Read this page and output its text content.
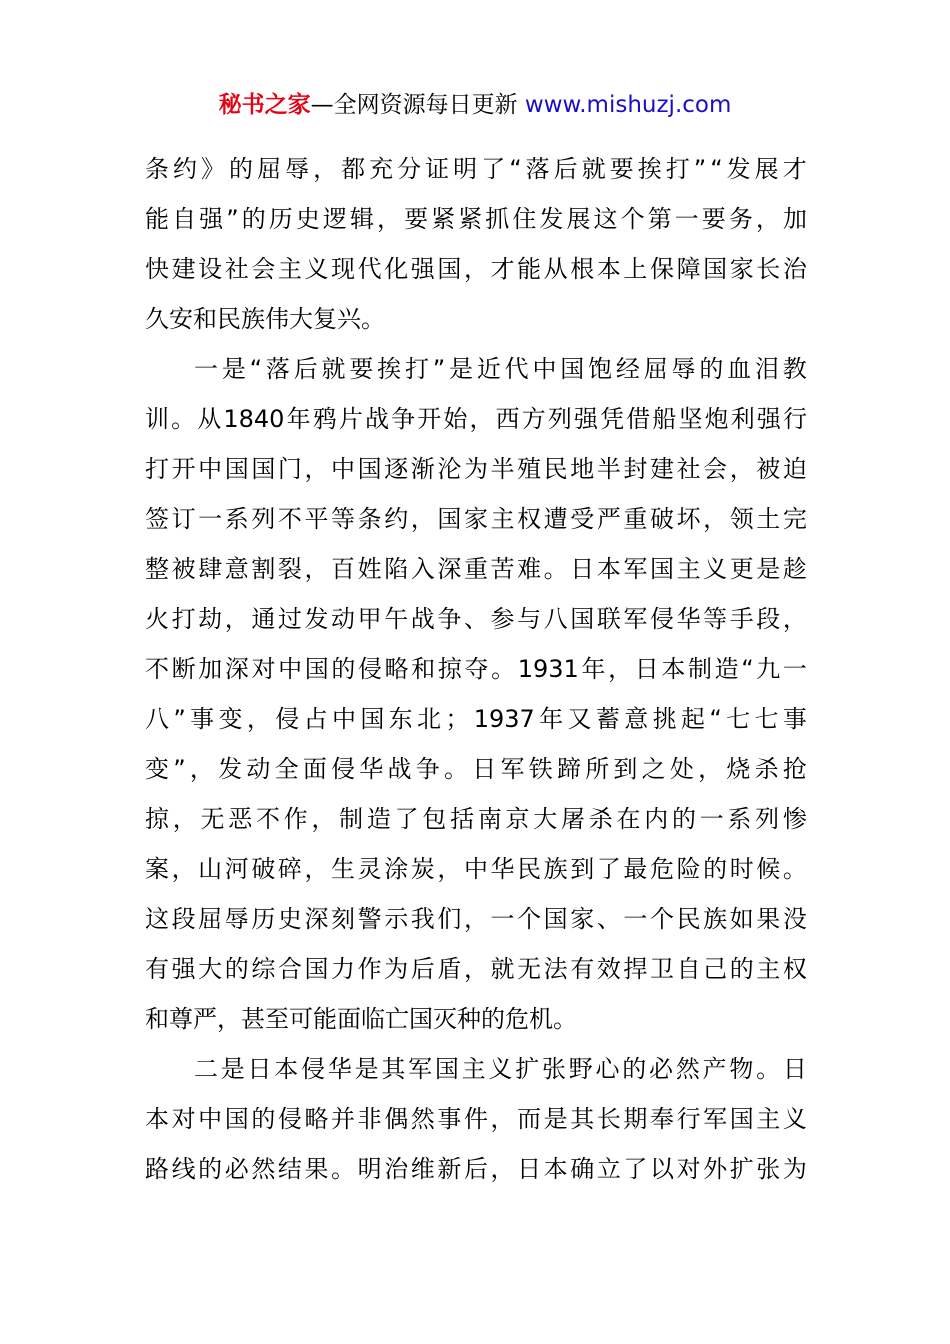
秘书之家—全网资源每日更新 www.mishuzj.com
条 约 》 的 屈 辱 ， 都 充 分 证 明 了 “ 落 后 就 要 挨 打 ” “ 发 展 才
能 自 强 ” 的 历 史 逻 辑 ， 要 紧 紧 抓 住 发 展 这 个 第 一 要 务 ， 加
快 建 设 社 会 主 义 现 代 化 强 国 ， 才 能 从 根 本 上 保 障 国 家 长 治
久安和民族伟大复兴。
一 是 “ 落 后 就 要 挨 打 ” 是 近 代 中 国 饱 经 屈 辱 的 血 泪 教
训 。 从 1840 年 鸦 片 战 争 开 始 ， 西 方 列 强 凭 借 船 坚 炮 利 强 行
打 开 中 国 国 门 ， 中 国 逐 渐 沦 为 半 殖 民 地 半 封 建 社 会 ， 被 迫
签 订 一 系 列 不 平 等 条 约 ， 国 家 主 权 遭 受 严 重 破 坏 ， 领 土 完
整 被 肆 意 割 裂 ， 百 姓 陷 入 深 重 苦 难 。 日 本 军 国 主 义 更 是 趁
火 打 劫 ， 通 过 发 动 甲 午 战 争 、 参 与 八 国 联 军 侵 华 等 手 段 ，
不 断 加 深 对 中 国 的 侵 略 和 掠 夺 。 1931 年 ， 日 本 制 造 “ 九 一
八 ” 事 变 ， 侵 占 中 国 东 北 ； 1937 年 又 蓄 意 挑 起 “ 七 七 事
变 ” ， 发 动 全 面 侵 华 战 争 。 日 军 铁 蹄 所 到 之 处 ， 烧 杀 抢
掠 ， 无 恶 不 作 ， 制 造 了 包 括 南 京 大 屠 杀 在 内 的 一 系 列 惨
案 ， 山 河 破 碎 ， 生 灵 涂 炭 ， 中 华 民 族 到 了 最 危 险 的 时 候 。
这 段 屈 辱 历 史 深 刻 警 示 我 们 ， 一 个 国 家 、 一 个 民 族 如 果 没
有 强 大 的 综 合 国 力 作 为 后 盾 ， 就 无 法 有 效 捍 卫 自 己 的 主 权
和尊严，甚至可能面临亡国灭种的危机。
二 是 日 本 侵 华 是 其 军 国 主 义 扩 张 野 心 的 必 然 产 物 。 日
本 对 中 国 的 侵 略 并 非 偶 然 事 件 ， 而 是 其 长 期 奉 行 军 国 主 义
路 线 的 必 然 结 果 。 明 治 维 新 后 ， 日 本 确 立 了 以 对 外 扩 张 为
